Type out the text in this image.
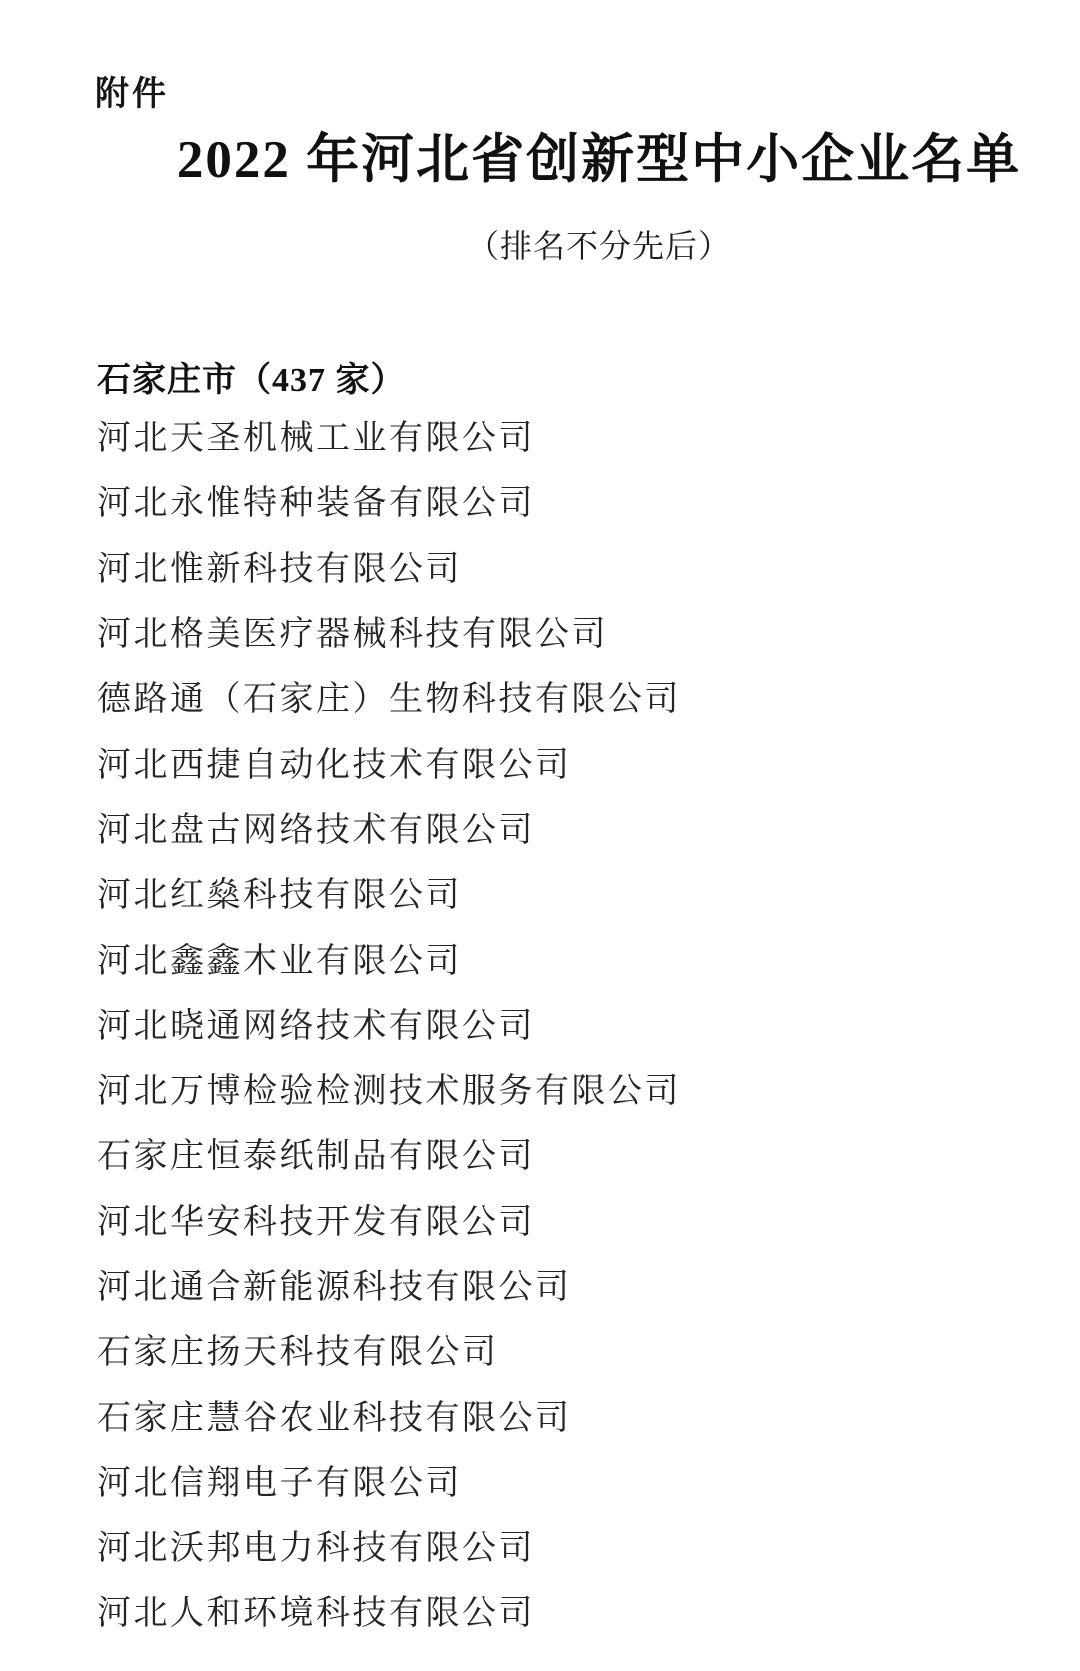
附件
2022 年河北省创新型中小企业名单
（排名不分先后）
石家庄市（437 家）
河北天圣机械工业有限公司
河北永惟特种装备有限公司
河北惟新科技有限公司
河北格美医疗器械科技有限公司
德路通（石家庄）生物科技有限公司
河北西捷自动化技术有限公司
河北盘古网络技术有限公司
河北红燊科技有限公司
河北鑫鑫木业有限公司
河北晓通网络技术有限公司
河北万博检验检测技术服务有限公司
石家庄恒泰纸制品有限公司
河北华安科技开发有限公司
河北通合新能源科技有限公司
石家庄扬天科技有限公司
石家庄慧谷农业科技有限公司
河北信翔电子有限公司
河北沃邦电力科技有限公司
河北人和环境科技有限公司
